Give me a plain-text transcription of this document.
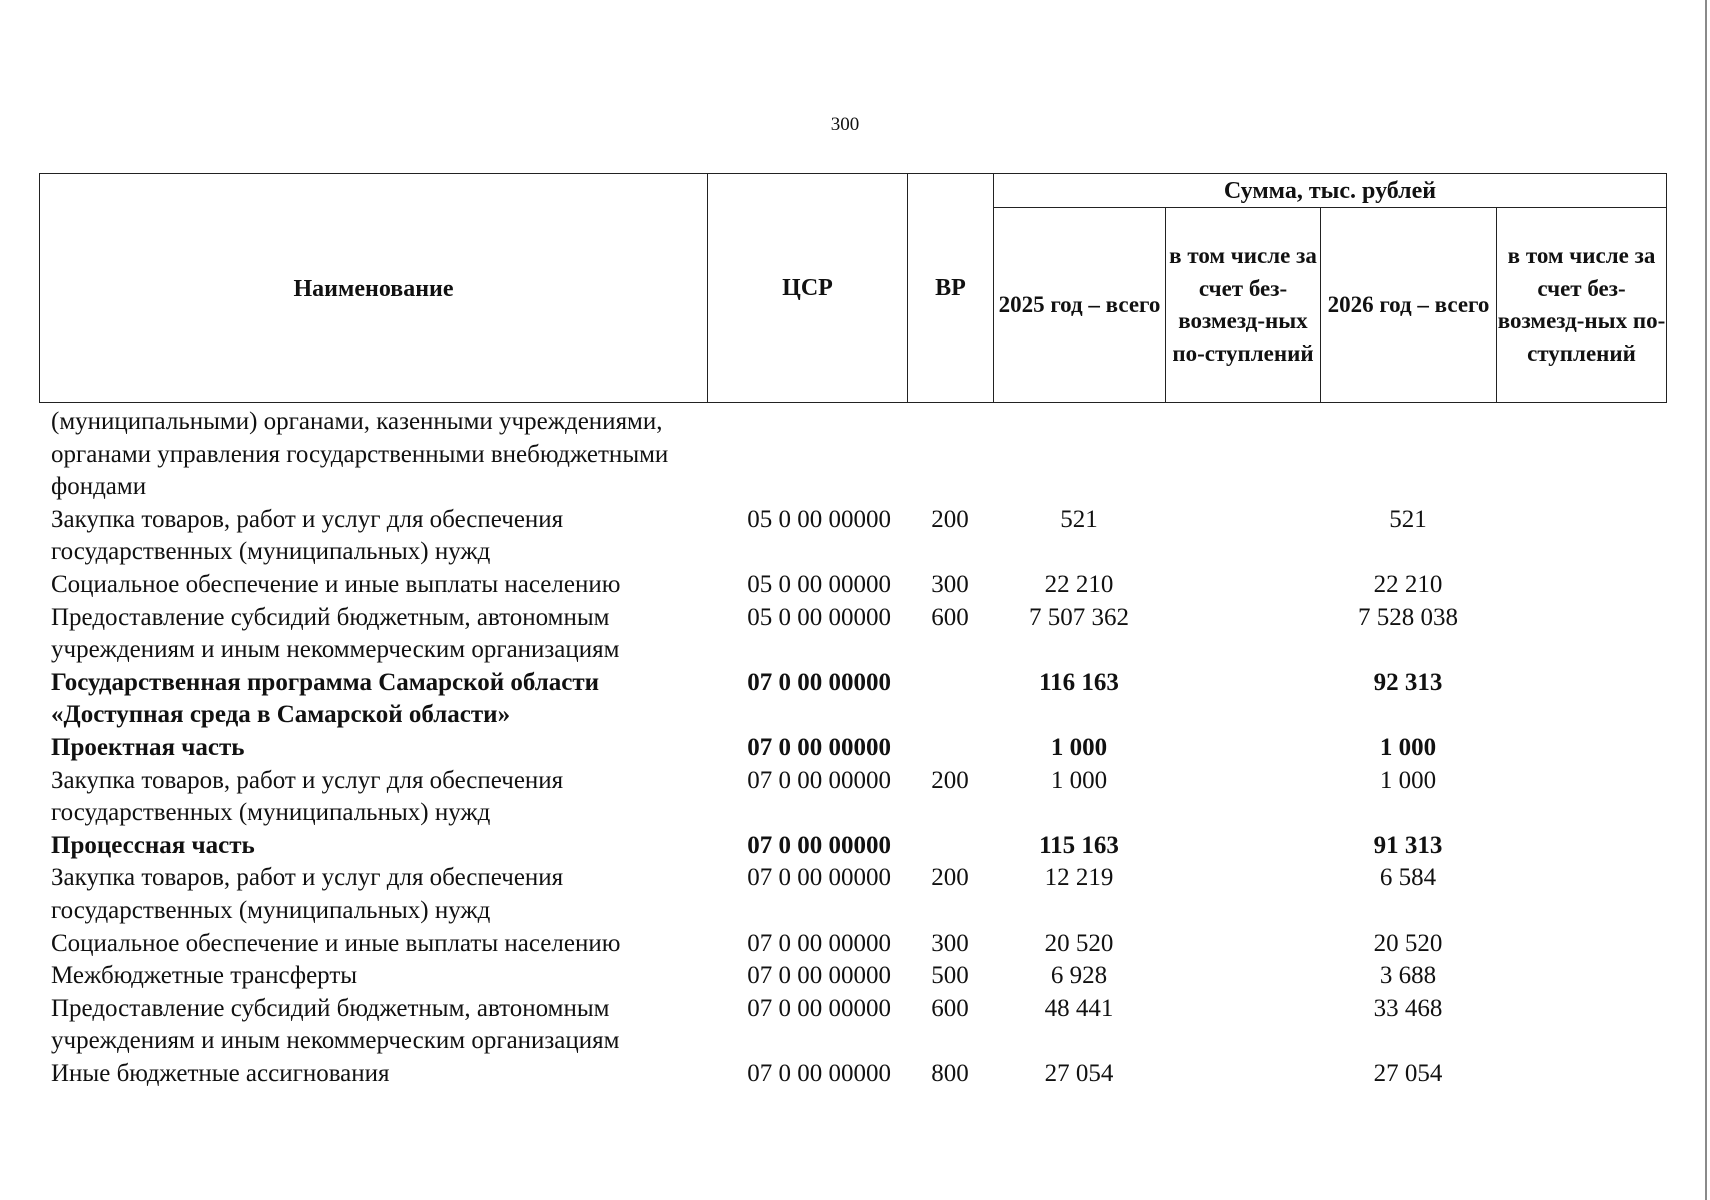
300
Наименование	ЦСР	ВР	Сумма, тыс. рублей			
			2025 год – всего	в том числе за счет без-возмезд-ных по-ступлений	2026 год – всего	в том числе за счет без-возмезд-ных по-ступлений
(муниципальными) органами, казенными учреждениями, органами управления государственными внебюджетными фондами						
Закупка товаров, работ и услуг для обеспечения государственных (муниципальных) нужд	05 0 00 00000	200	521		521	
Социальное обеспечение и иные выплаты населению	05 0 00 00000	300	22 210		22 210	
Предоставление субсидий бюджетным, автономным учреждениям и иным некоммерческим организациям	05 0 00 00000	600	7 507 362		7 528 038	
Государственная программа Самарской области «Доступная среда в Самарской области»	07 0 00 00000		116 163		92 313	
Проектная часть	07 0 00 00000		1 000		1 000	
Закупка товаров, работ и услуг для обеспечения государственных (муниципальных) нужд	07 0 00 00000	200	1 000		1 000	
Процессная часть	07 0 00 00000		115 163		91 313	
Закупка товаров, работ и услуг для обеспечения государственных (муниципальных) нужд	07 0 00 00000	200	12 219		6 584	
Социальное обеспечение и иные выплаты населению	07 0 00 00000	300	20 520		20 520	
Межбюджетные трансферты	07 0 00 00000	500	6 928		3 688	
Предоставление субсидий бюджетным, автономным учреждениям и иным некоммерческим организациям	07 0 00 00000	600	48 441		33 468	
Иные бюджетные ассигнования	07 0 00 00000	800	27 054		27 054	
